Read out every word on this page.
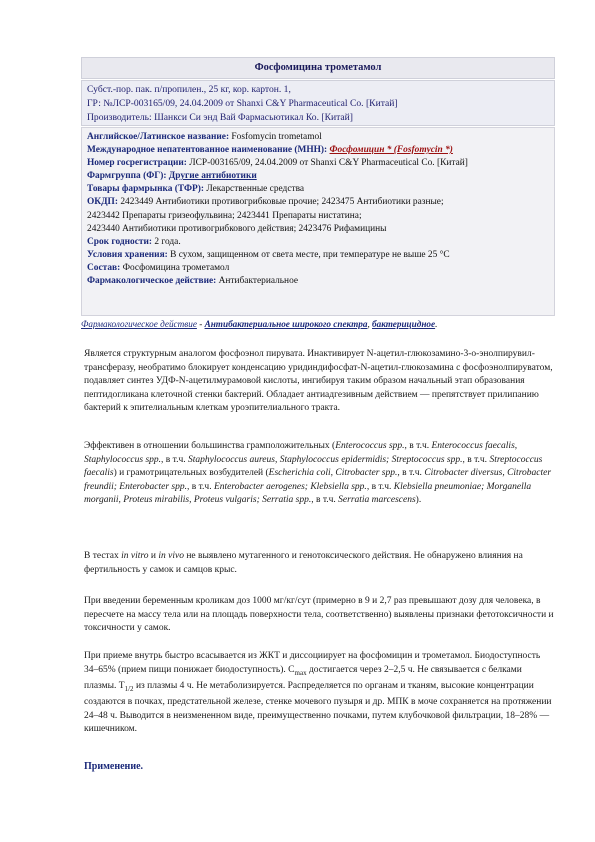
Фосфомицина трометамол
Субст.-пор. пак. п/пропилен., 25 кг, кор. картон. 1,
ГР: №ЛСР-003165/09, 24.04.2009 от Shanxi C&Y Pharmaceutical Co. [Китай]
Производитель: Шанкси Си энд Вай Фармасьютикал Ко. [Китай]
Английское/Латинское название: Fosfomycin trometamol
Международное непатентованное наименование (МНН): Фосфомицин * (Fosfomycin *)
Номер госрегистрации: ЛСР-003165/09, 24.04.2009 от Shanxi C&Y Pharmaceutical Co. [Китай]
Фармгруппа (ФГ): Другие антибиотики
Товары фармрынка (ТФР): Лекарственные средства
ОКДП: 2423449 Антибиотики противогрибковые прочие; 2423475 Антибиотики разные;
2423442 Препараты гризеофульвина; 2423441 Препараты нистатина;
2423440 Антибиотики противогрибкового действия; 2423476 Рифамицины
Срок годности: 2 года.
Условия хранения: В сухом, защищенном от света месте, при температуре не выше 25 °С
Состав: Фосфомицина трометамол
Фармакологическое действие: Антибактериальное
Фармакологическое действие - Антибактериальное широкого спектра, бактерицидное.
Является структурным аналогом фосфоэнол пирувата. Инактивирует N-ацетил-глюкозамино-3-о-энолпирувил-трансферазу, необратимо блокирует конденсацию уридиндифосфат-N-ацетил-глюкозамина с фосфоэнолпируватом, подавляет синтез УДФ-N-ацетилмурамовой кислоты, ингибируя таким образом начальный этап образования пептидогликана клеточной стенки бактерий. Обладает антиадгезивным действием — препятствует прилипанию бактерий к эпителиальным клеткам уроэпителиального тракта.
Эффективен в отношении большинства грамположительных (Enterococcus spp., в т.ч. Enterococcus faecalis, Staphylococcus spp., в т.ч. Staphylococcus aureus, Staphylococcus epidermidis; Streptococcus spp., в т.ч. Streptococcus faecalis) и грамотрицательных возбудителей (Escherichia coli, Citrobacter spp., в т.ч. Citrobacter diversus, Citrobacter freundii; Enterobacter spp., в т.ч. Enterobacter aerogenes; Klebsiella spp., в т.ч. Klebsiella pneumoniae; Morganella morganii, Proteus mirabilis, Proteus vulgaris; Serratia spp., в т.ч. Serratia marcescens).
В тестах in vitro и in vivo не выявлено мутагенного и генотоксического действия. Не обнаружено влияния на фертильность у самок и самцов крыс.
При введении беременным кроликам доз 1000 мг/кг/сут (примерно в 9 и 2,7 раз превышают дозу для человека, в пересчете на массу тела или на площадь поверхности тела, соответственно) выявлены признаки фетотоксичности и токсичности у самок.
При приеме внутрь быстро всасывается из ЖКТ и диссоциирует на фосфомицин и трометамол. Биодоступность 34–65% (прием пищи понижает биодоступность). $C_{max}$ достигается через 2–2,5 ч. Не связывается с белками плазмы. $T_{1/2}$ из плазмы 4 ч. Не метаболизируется. Распределяется по органам и тканям, высокие концентрации создаются в почках, предстательной железе, стенке мочевого пузыря и др. МПК в моче сохраняется на протяжении 24–48 ч. Выводится в неизмененном виде, преимущественно почками, путем клубочковой фильтрации, 18–28% — кишечником.
Применение.
